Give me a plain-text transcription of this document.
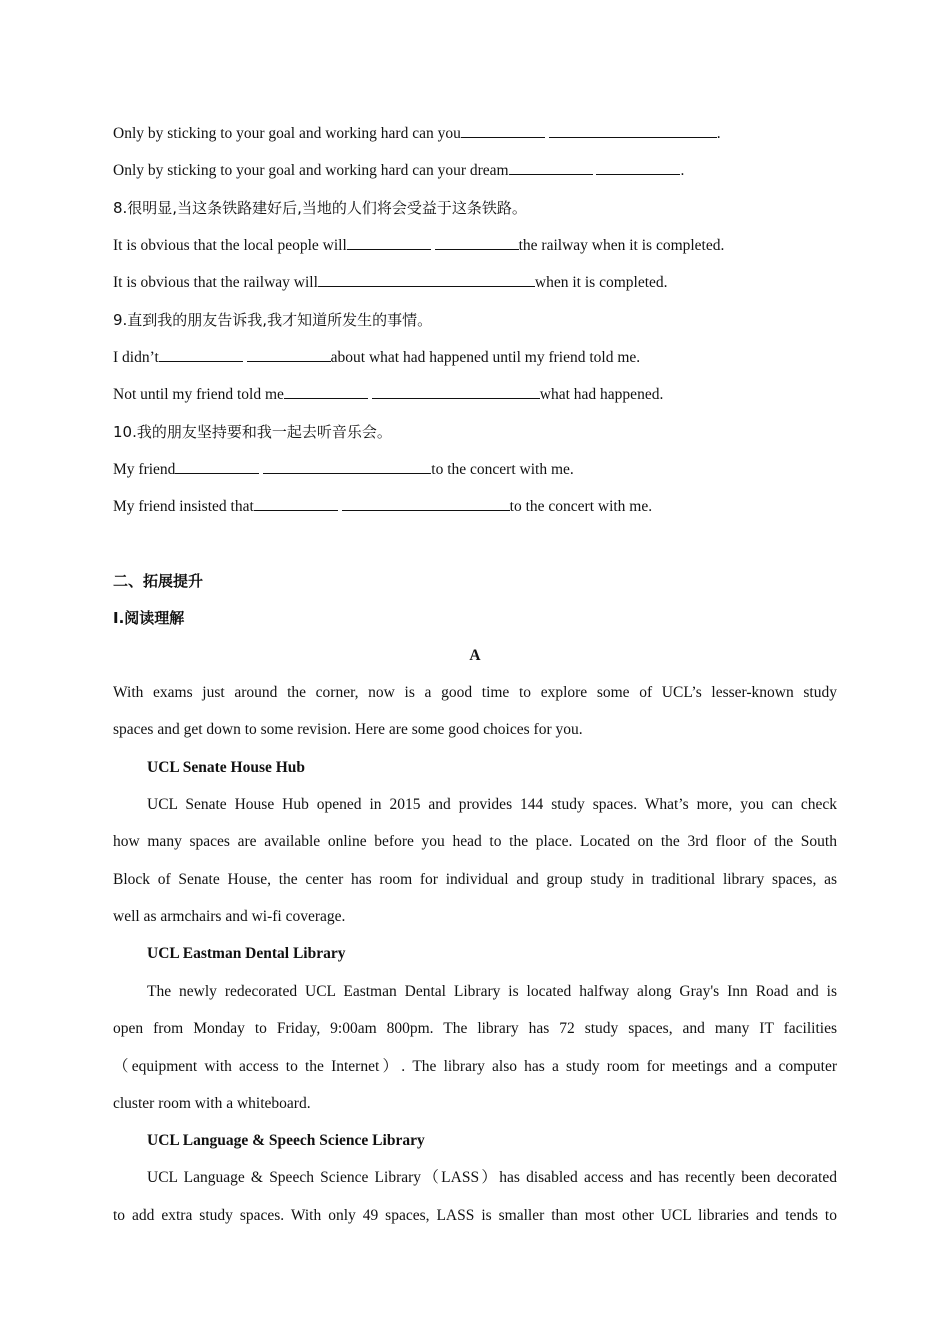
Only by sticking to your goal and working hard can you	.
Only by sticking to your goal and working hard can your dream	.
8.很明显,当这条铁路建好后,当地的人们将会受益于这条铁路。
It is obvious that the local people will	the railway when it is completed.
It is obvious that the railway will	when it is completed.
9.直到我的朋友告诉我,我才知道所发生的事情。
I didn’t	about what had happened until my friend told me.
Not until my friend told me	what had happened.
10.我的朋友坚持要和我一起去听音乐会。
My friend	to the concert with me.
My friend insisted that	to the concert with me.
二、拓展提升
I.阅读理解
A
With exams just around the corner, now is a good time to explore some of UCL’s lesser-known study
spaces and get down to some revision. Here are some good choices for you.
UCL Senate House Hub
UCL Senate House Hub opened in 2015 and provides 144 study spaces. What’s more, you can check
how many spaces are available online before you head to the place. Located on the 3rd floor of the South
Block of Senate House, the center has room for individual and group study in traditional library spaces, as
well as armchairs and wi-fi coverage.
UCL Eastman Dental Library
The newly redecorated UCL Eastman Dental Library is located halfway along Gray's Inn Road and is
open from Monday to Friday, 9:00am 800pm. The library has 72 study spaces, and many IT facilities
（equipment with access to the Internet）. The library also has a study room for meetings and a computer
cluster room with a whiteboard.
UCL Language & Speech Science Library
UCL Language & Speech Science Library（LASS）has disabled access and has recently been decorated
to add extra study spaces. With only 49 spaces, LASS is smaller than most other UCL libraries and tends to
